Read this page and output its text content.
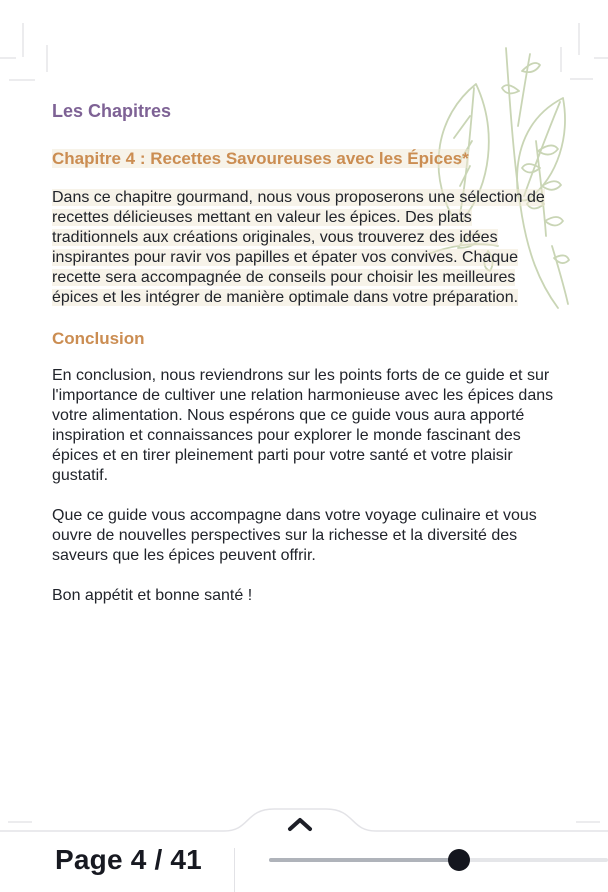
Les Chapitres
Chapitre 4 : Recettes Savoureuses avec les Épices*

Dans ce chapitre gourmand, nous vous proposerons une sélection de recettes délicieuses mettant en valeur les épices. Des plats traditionnels aux créations originales, vous trouverez des idées inspirantes pour ravir vos papilles et épater vos convives. Chaque recette sera accompagnée de conseils pour choisir les meilleures épices et les intégrer de manière optimale dans votre préparation.

Conclusion

En conclusion, nous reviendrons sur les points forts de ce guide et sur l'importance de cultiver une relation harmonieuse avec les épices dans votre alimentation. Nous espérons que ce guide vous aura apporté inspiration et connaissances pour explorer le monde fascinant des épices et en tirer pleinement parti pour votre santé et votre plaisir gustatif.

Que ce guide vous accompagne dans votre voyage culinaire et vous ouvre de nouvelles perspectives sur la richesse et la diversité des saveurs que les épices peuvent offrir.

Bon appétit et bonne santé !

Page 4 / 41
